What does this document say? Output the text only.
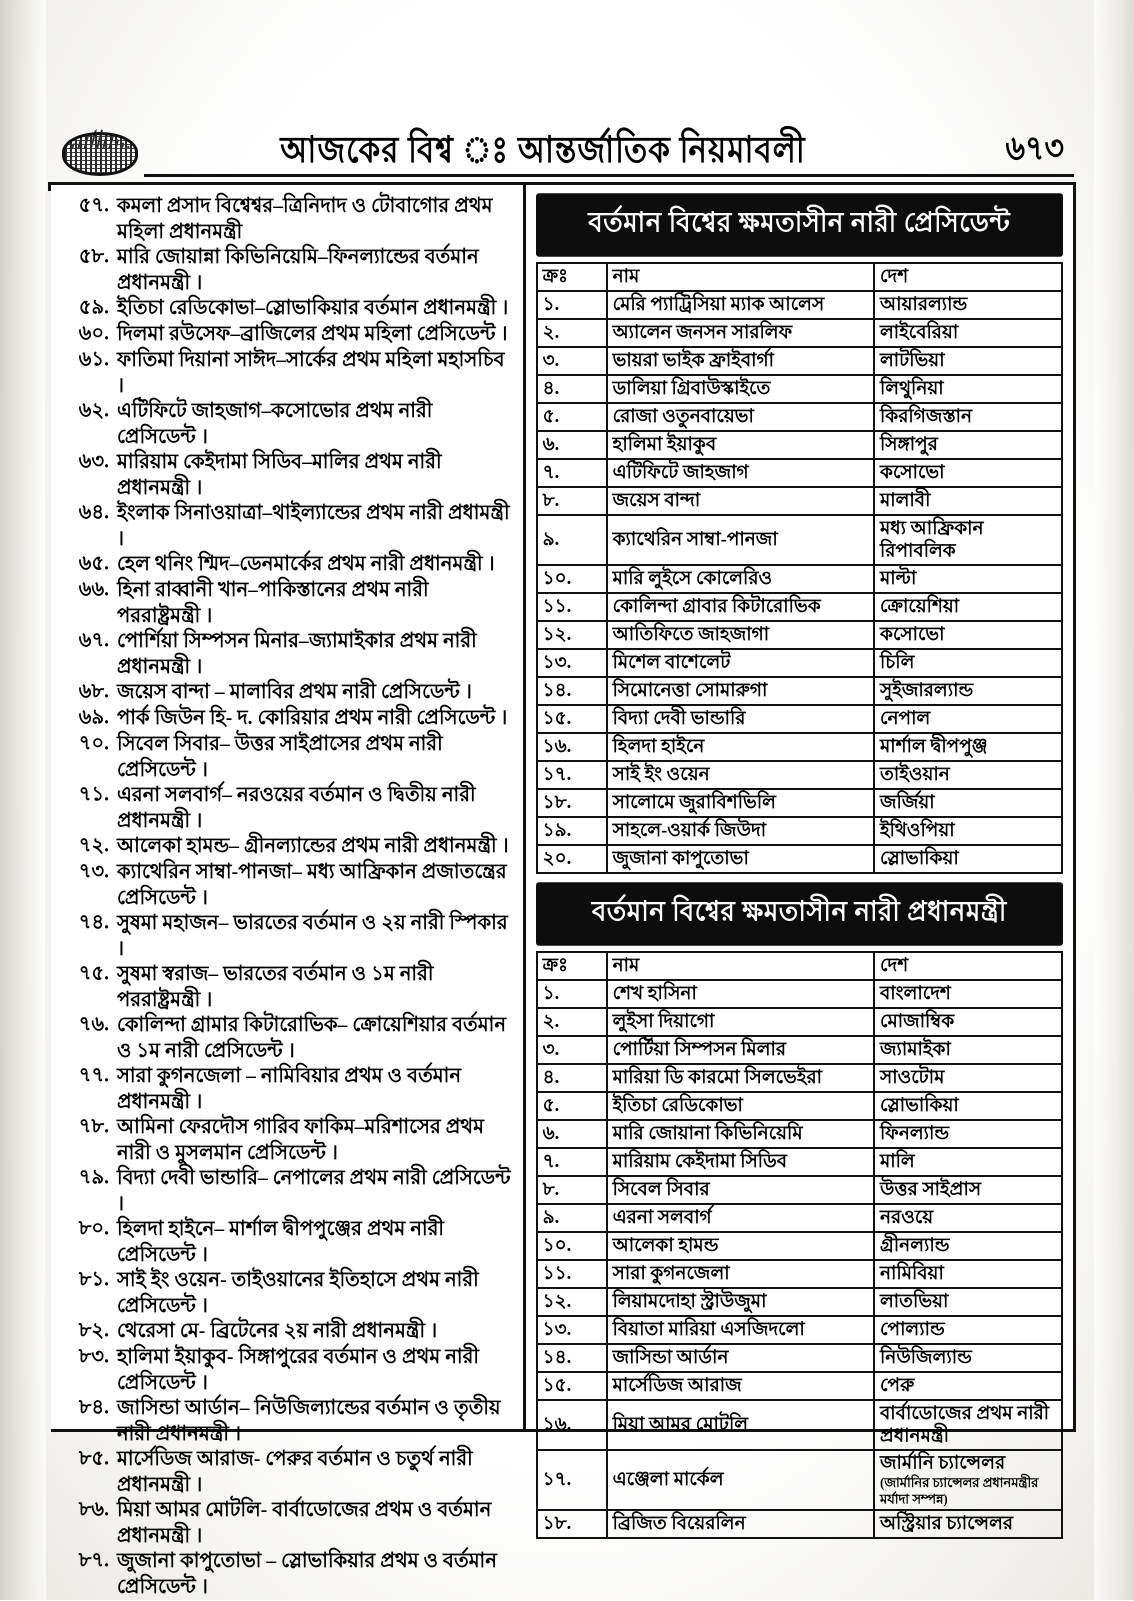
আজকের বিশ্ব ঃ আন্তর্জাতিক নিয়মাবলী	৬৭৩
৫৭. কমলা প্রসাদ বিশ্বেশ্বর–ত্রিনিদাদ ও টোবাগোর প্রথম মহিলা প্রধানমন্ত্রী
৫৮. মারি জোয়ান্না কিভিনিয়েমি–ফিনল্যান্ডের বর্তমান প্রধানমন্ত্রী ।
৫৯. ইতিচা রেডিকোভা–স্লোভাকিয়ার বর্তমান প্রধানমন্ত্রী ।
৬০. দিলমা রউসেফ–ব্রাজিলের প্রথম মহিলা প্রেসিডেন্ট ।
৬১. ফাতিমা দিয়ানা সাঈদ–সার্কের প্রথম মহিলা মহাসচিব ।
৬২. এটিফিটে জাহজাগ–কসোভোর প্রথম নারী প্রেসিডেন্ট ।
৬৩. মারিয়াম কেইদামা সিডিব–মালির প্রথম নারী প্রধানমন্ত্রী ।
৬৪. ইংলাক সিনাওয়াত্রা–থাইল্যান্ডের প্রথম নারী প্রধামন্ত্রী ।
৬৫. হেল থনিং শ্মিদ–ডেনমার্কের প্রথম নারী প্রধানমন্ত্রী ।
৬৬. হিনা রাব্বানী খান–পাকিস্তানের প্রথম নারী পররাষ্ট্রমন্ত্রী ।
৬৭. পোর্শিয়া সিম্পসন মিনার–জ্যামাইকার প্রথম নারী প্রধানমন্ত্রী ।
৬৮. জয়েস বান্দা – মালাবির প্রথম নারী প্রেসিডেন্ট ।
৬৯. পার্ক জিউন হি- দ. কোরিয়ার প্রথম নারী প্রেসিডেন্ট ।
৭০. সিবেল সিবার– উত্তর সাইপ্রাসের প্রথম নারী প্রেসিডেন্ট ।
৭১. এরনা সলবার্গ– নরওয়ের বর্তমান ও দ্বিতীয় নারী প্রধানমন্ত্রী ।
৭২. আলেকা হামন্ড– গ্রীনল্যান্ডের প্রথম নারী প্রধানমন্ত্রী ।
৭৩. ক্যাথেরিন সাম্বা-পানজা– মধ্য আফ্রিকান প্রজাতন্ত্রের প্রেসিডেন্ট ।
৭৪. সুষমা মহাজন– ভারতের বর্তমান ও ২য় নারী স্পিকার ।
৭৫. সুষমা স্বরাজ– ভারতের বর্তমান ও ১ম নারী পররাষ্ট্রমন্ত্রী ।
৭৬. কোলিন্দা গ্রামার কিটারোভিক– ক্রোয়েশিয়ার বর্তমান ও ১ম নারী প্রেসিডেন্ট ।
৭৭. সারা কুগনজেলা – নামিবিয়ার প্রথম ও বর্তমান প্রধানমন্ত্রী ।
৭৮. আমিনা ফেরদৌস গারিব ফাকিম–মরিশাসের প্রথম নারী ও মুসলমান প্রেসিডেন্ট ।
৭৯. বিদ্যা দেবী ভান্ডারি– নেপালের প্রথম নারী প্রেসিডেন্ট ।
৮০. হিলদা হাইনে– মার্শাল দ্বীপপুঞ্জের প্রথম নারী প্রেসিডেন্ট ।
৮১. সাই ইং ওয়েন- তাইওয়ানের ইতিহাসে প্রথম নারী প্রেসিডেন্ট ।
৮২. থেরেসা মে- ব্রিটেনের ২য় নারী প্রধানমন্ত্রী ।
৮৩. হালিমা ইয়াকুব- সিঙ্গাপুরের বর্তমান ও প্রথম নারী প্রেসিডেন্ট ।
৮৪. জাসিন্ডা আর্ডান– নিউজিল্যান্ডের বর্তমান ও তৃতীয় নারী প্রধানমন্ত্রী ।
৮৫. মার্সেডিজ আরাজ- পেরুর বর্তমান ও চতুর্থ নারী প্রধানমন্ত্রী ।
৮৬. মিয়া আমর মোটলি- বার্বাডোজের প্রথম ও বর্তমান প্রধানমন্ত্রী ।
৮৭. জুজানা কাপুতোভা – স্লোভাকিয়ার প্রথম ও বর্তমান প্রেসিডেন্ট ।
বর্তমান বিশ্বের ক্ষমতাসীন নারী প্রেসিডেন্ট
ক্রঃ	নাম	দেশ
১.	মেরি প্যাট্রিসিয়া ম্যাক আলেস	আয়ারল্যান্ড
২.	অ্যালেন জনসন সারলিফ	লাইবেরিয়া
৩.	ভায়রা ভাইক ফ্রাইবার্গা	লাটভিয়া
৪.	ডালিয়া গ্রিবাউস্কাইতে	লিথুনিয়া
৫.	রোজা ওতুনবায়েভা	কিরগিজস্তান
৬.	হালিমা ইয়াকুব	সিঙ্গাপুর
৭.	এটিফিটে জাহজাগ	কসোভো
৮.	জয়েস বান্দা	মালাবী
৯.	ক্যাথেরিন সাম্বা-পানজা	মধ্য আফ্রিকান রিপাবলিক
১০.	মারি লুইসে কোলেরিও	মাল্টা
১১.	কোলিন্দা গ্রাবার কিটারোভিক	ক্রোয়েশিয়া
১২.	আতিফিতে জাহজাগা	কসোভো
১৩.	মিশেল বাশেলেট	চিলি
১৪.	সিমোনেত্তা সোমারুগা	সুইজারল্যান্ড
১৫.	বিদ্যা দেবী ভান্ডারি	নেপাল
১৬.	হিলদা হাইনে	মার্শাল দ্বীপপুঞ্জ
১৭.	সাই ইং ওয়েন	তাইওয়ান
১৮.	সালোমে জুরাবিশভিলি	জর্জিয়া
১৯.	সাহলে-ওয়ার্ক জিউদা	ইথিওপিয়া
২০.	জুজানা কাপুতোভা	স্লোভাকিয়া
বর্তমান বিশ্বের ক্ষমতাসীন নারী প্রধানমন্ত্রী
ক্রঃ	নাম	দেশ
১.	শেখ হাসিনা	বাংলাদেশ
২.	লুইসা দিয়াগো	মোজাম্বিক
৩.	পোর্টিয়া সিম্পসন মিলার	জ্যামাইকা
৪.	মারিয়া ডি কারমো সিলভেইরা	সাওটোম
৫.	ইতিচা রেডিকোভা	স্লোভাকিয়া
৬.	মারি জোয়ানা কিভিনিয়েমি	ফিনল্যান্ড
৭.	মারিয়াম কেইদামা সিডিব	মালি
৮.	সিবেল সিবার	উত্তর সাইপ্রাস
৯.	এরনা সলবার্গ	নরওয়ে
১০.	আলেকা হামন্ড	গ্রীনল্যান্ড
১১.	সারা কুগনজেলা	নামিবিয়া
১২.	লিয়ামদোহা স্ট্রাউজুমা	লাতভিয়া
১৩.	বিয়াতা মারিয়া এসজিদলো	পোল্যান্ড
১৪.	জাসিন্ডা আর্ডান	নিউজিল্যান্ড
১৫.	মার্সেডিজ আরাজ	পেরু
১৬.	মিয়া আমর মোটলি	বার্বাডোজের প্রথম নারী প্রধানমন্ত্রী
১৭.	এঞ্জেলা মার্কেল	জার্মানি চ্যান্সেলর
(জার্মানির চ্যান্সেলর প্রধানমন্ত্রীর মর্যাদা সম্পন্ন)

১৮.	ব্রিজিত বিয়েরলিন	অস্ট্রিয়ার চ্যান্সেলর
